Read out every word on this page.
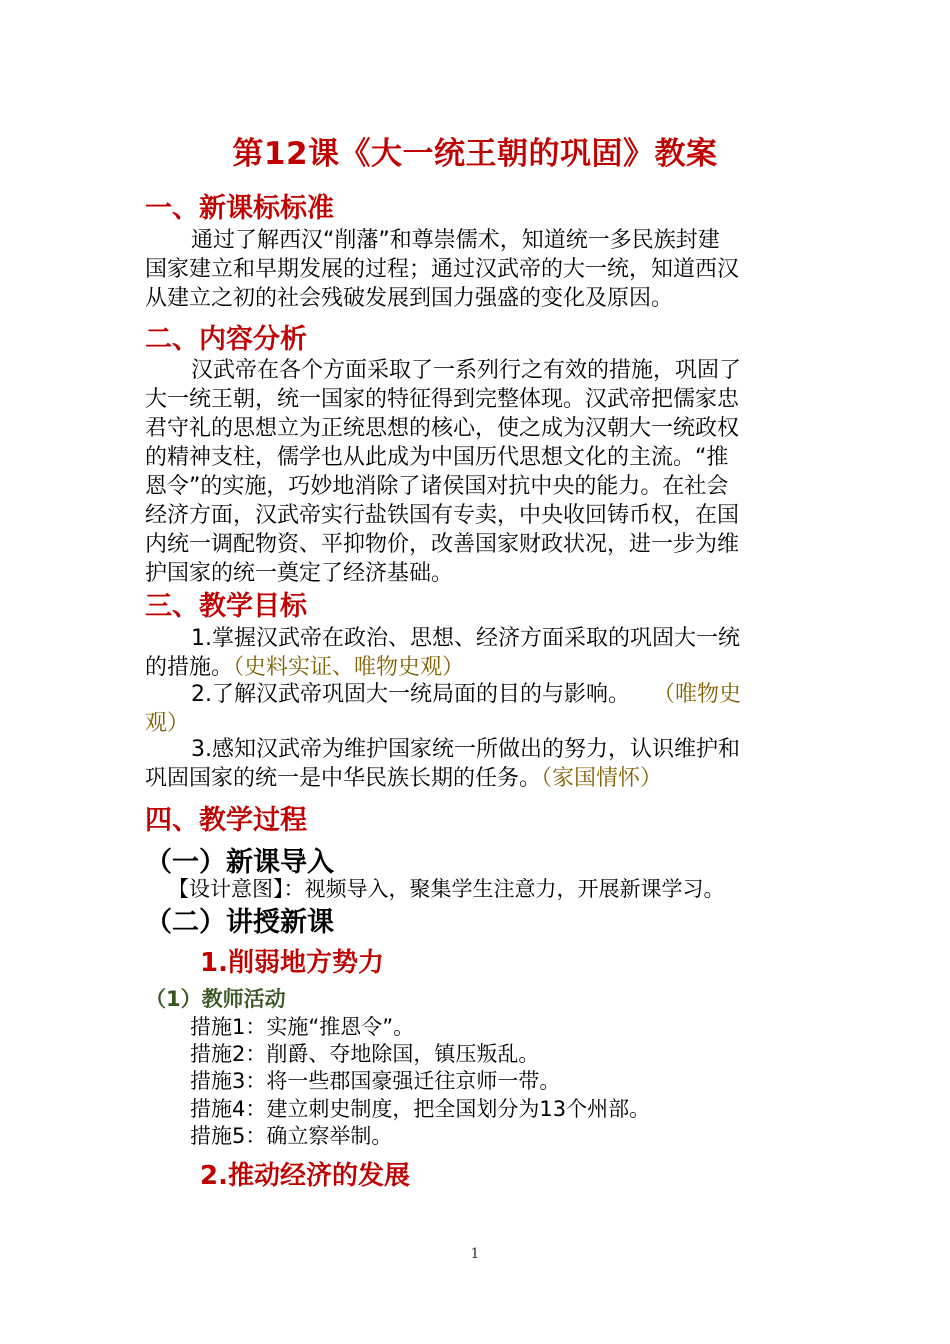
第12课《大一统王朝的巩固》教案
一、新课标标准
通过了解西汉“削藩”和尊崇儒术，知道统一多民族封建
国家建立和早期发展的过程；通过汉武帝的大一统，知道西汉
从建立之初的社会残破发展到国力强盛的变化及原因。
二、内容分析
汉武帝在各个方面采取了一系列行之有效的措施，巩固了
大一统王朝，统一国家的特征得到完整体现。汉武帝把儒家忠
君守礼的思想立为正统思想的核心，使之成为汉朝大一统政权
的精神支柱，儒学也从此成为中国历代思想文化的主流。“推
恩令”的实施，巧妙地消除了诸侯国对抗中央的能力。在社会
经济方面，汉武帝实行盐铁国有专卖，中央收回铸币权，在国
内统一调配物资、平抑物价，改善国家财政状况，进一步为维
护国家的统一奠定了经济基础。
三、教学目标
1.掌握汉武帝在政治、思想、经济方面采取的巩固大一统
的措施。（史料实证、唯物史观）
2.了解汉武帝巩固大一统局面的目的与影响。 （唯物史
观）
3.感知汉武帝为维护国家统一所做出的努力，认识维护和
巩固国家的统一是中华民族长期的任务。（家国情怀）
四、教学过程
（一）新课导入
【设计意图】：视频导入，聚集学生注意力，开展新课学习。
（二）讲授新课
1.削弱地方势力
（1）教师活动
措施1：实施“推恩令”。
措施2：削爵、夺地除国，镇压叛乱。
措施3：将一些郡国豪强迁往京师一带。
措施4：建立刺史制度，把全国划分为13个州部。
措施5：确立察举制。
2.推动经济的发展
1
